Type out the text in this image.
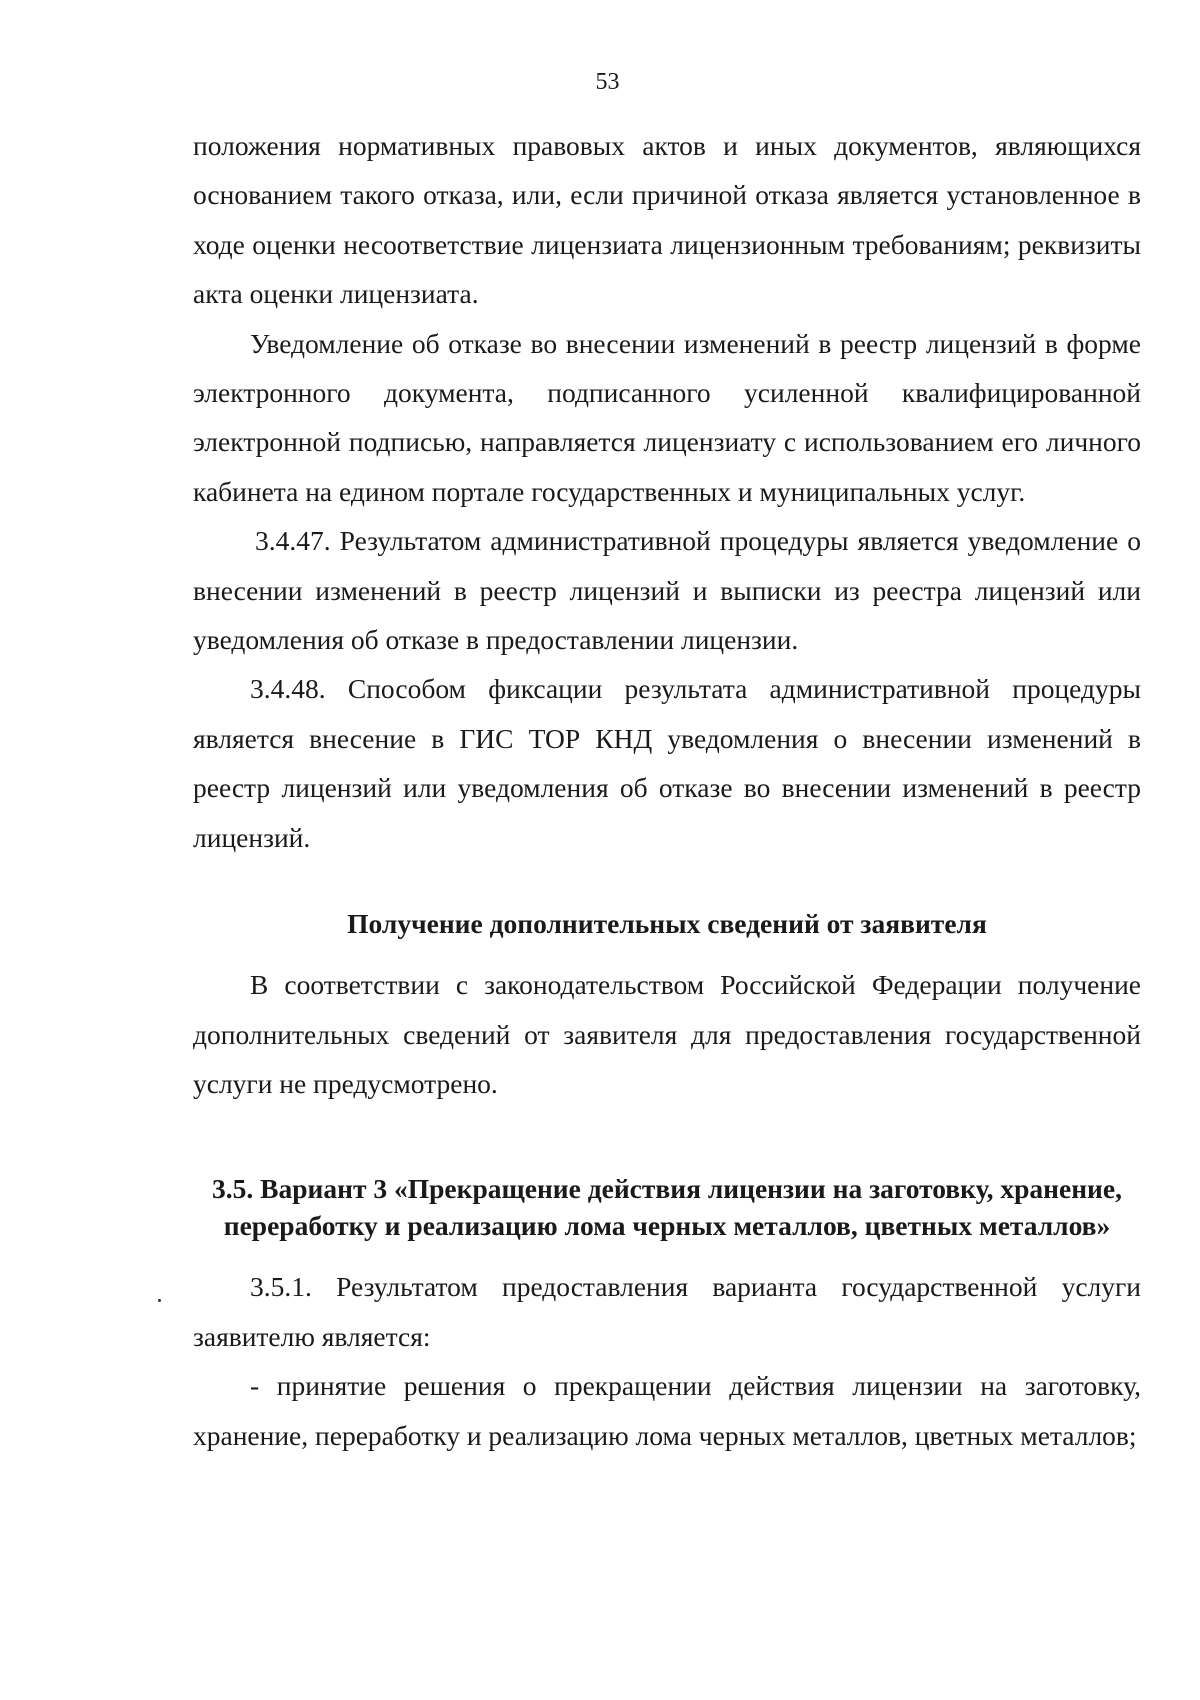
53

положения нормативных правовых актов и иных документов, являющихся основанием такого отказа, или, если причиной отказа является установленное в ходе оценки несоответствие лицензиата лицензионным требованиям; реквизиты акта оценки лицензиата.

Уведомление об отказе во внесении изменений в реестр лицензий в форме электронного документа, подписанного усиленной квалифицированной электронной подписью, направляется лицензиату с использованием его личного кабинета на едином портале государственных и муниципальных услуг.

3.4.47. Результатом административной процедуры является уведомление о внесении изменений в реестр лицензий и выписки из реестра лицензий или уведомления об отказе в предоставлении лицензии.

3.4.48. Способом фиксации результата административной процедуры является внесение в ГИС ТОР КНД уведомления о внесении изменений в реестр лицензий или уведомления об отказе во внесении изменений в реестр лицензий.

Получение дополнительных сведений от заявителя

В соответствии с законодательством Российской Федерации получение дополнительных сведений от заявителя для предоставления государственной услуги не предусмотрено.

3.5. Вариант 3 «Прекращение действия лицензии на заготовку, хранение, переработку и реализацию лома черных металлов, цветных металлов»

3.5.1. Результатом предоставления варианта государственной услуги заявителю является:

- принятие решения о прекращении действия лицензии на заготовку, хранение, переработку и реализацию лома черных металлов, цветных металлов;
